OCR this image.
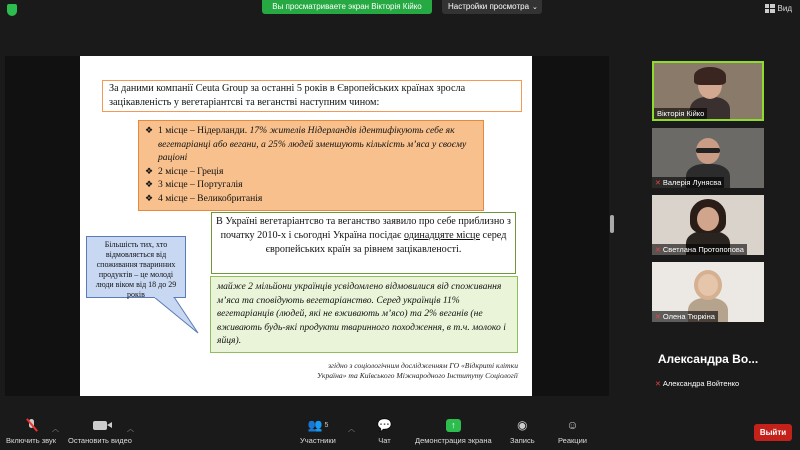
Вы просматриваете экран Вікторія Кійко	Настройки просмотра ⌄	Вид
За даними компанії Ceuta Group за останні 5 років в Європейських країнах зросла зацікавленість у вегетаріантсві та веганстві наступним чином:
❖ 1 місце – Нідерланди. 17% жителів Нідерландів ідентифікують себе як вегетаріанці або вегани, а 25% людей зменшують кількість м’яса у своєму раціоні
❖ 2 місце – Греція
❖ 3 місце – Португалія
❖ 4 місце – Великобританія
В Україні вегетаріантсво та веганство заявило про себе приблизно з початку 2010-х і сьогодні Україна посідає одинадцяте місце серед європейських країн за рівнем зацікавленості.
майже 2 мільйони українців усвідомлено відмовилися від споживання м’яса та сповідують вегетаріанство. Серед українців 11% вегетаріанців (людей, які не вживають м’ясо) та 2% веганів (не вживають будь-які продукти тваринного походження, в т.ч. молоко і яйця).
Більшість тих, хто відмовляється від споживання тваринних продуктів – це молоді люди віком від 18 до 29 років
згідно з соціологічним дослідженням ГО «Відкриті клітки
Україна» та Київського Міжнародного Інституту Соціології
Вікторія Кійко
✕ Валерія Лунясва
✕ Светлана Протопопова
✕ Олена Тюркіна
Александра Во...
✕ Александра Войтенко
Включить звук
︿
Остановить видео
︿	👥 5
Участники
︿ 💬
Чат
↑
Демонстрация экрана
◉
Запись
☺
Реакции
Выйти
